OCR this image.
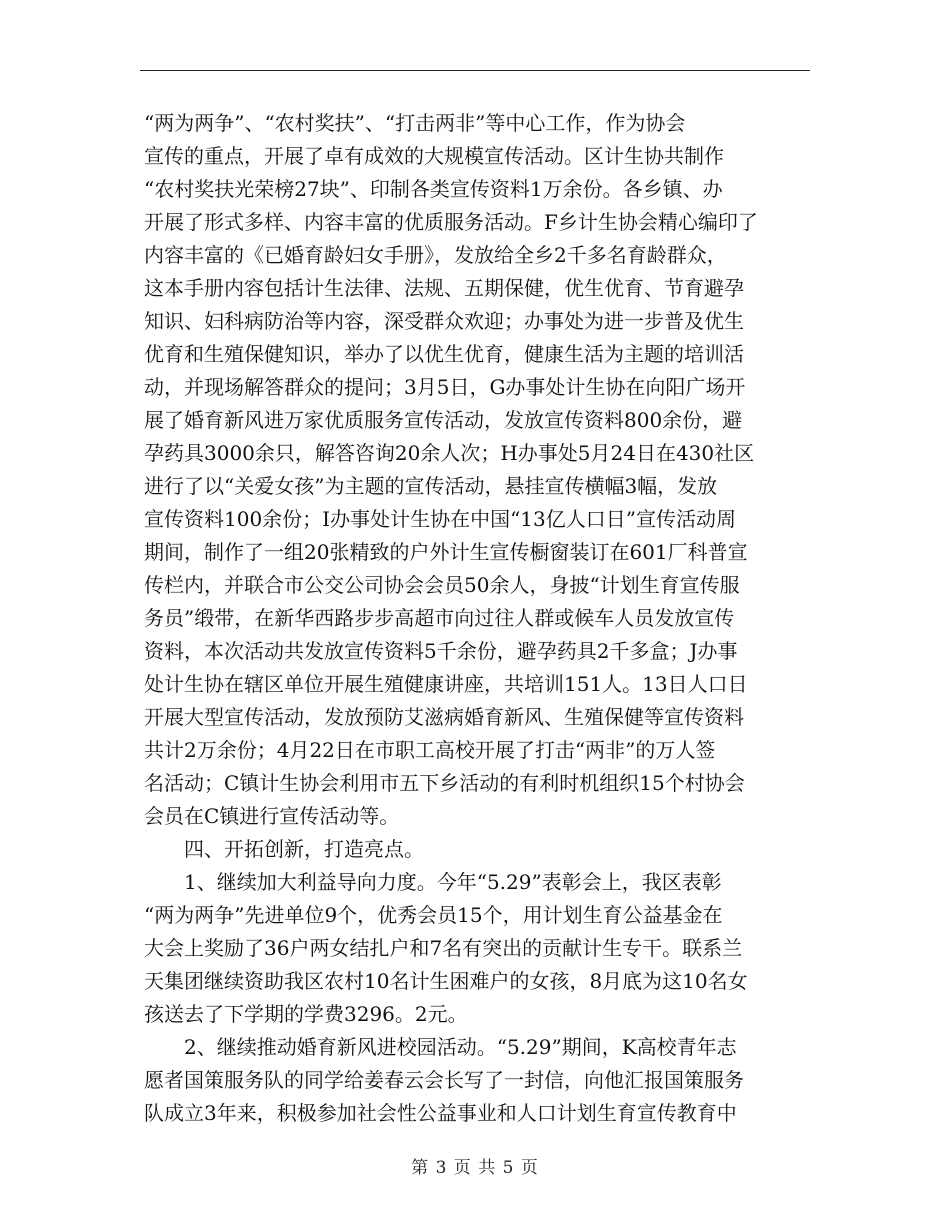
“两为两争”、“农村奖扶”、“打击两非”等中心工作，作为协会
宣传的重点，开展了卓有成效的大规模宣传活动。区计生协共制作
“农村奖扶光荣榜27块”、印制各类宣传资料1万余份。各乡镇、办
开展了形式多样、内容丰富的优质服务活动。F乡计生协会精心编印了
内容丰富的《已婚育龄妇女手册》，发放给全乡2千多名育龄群众，
这本手册内容包括计生法律、法规、五期保健，优生优育、节育避孕
知识、妇科病防治等内容，深受群众欢迎；办事处为进一步普及优生
优育和生殖保健知识，举办了以优生优育，健康生活为主题的培训活
动，并现场解答群众的提问；3月5日，G办事处计生协在向阳广场开
展了婚育新风进万家优质服务宣传活动，发放宣传资料800余份，避
孕药具3000余只，解答咨询20余人次；H办事处5月24日在430社区
进行了以“关爱女孩”为主题的宣传活动，悬挂宣传横幅3幅，发放
宣传资料100余份；I办事处计生协在中国“13亿人口日”宣传活动周
期间，制作了一组20张精致的户外计生宣传橱窗装订在601厂科普宣
传栏内，并联合市公交公司协会会员50余人，身披“计划生育宣传服
务员”缎带，在新华西路步步高超市向过往人群或候车人员发放宣传
资料，本次活动共发放宣传资料5千余份，避孕药具2千多盒；J办事
处计生协在辖区单位开展生殖健康讲座，共培训151人。13日人口日
开展大型宣传活动，发放预防艾滋病婚育新风、生殖保健等宣传资料
共计2万余份；4月22日在市职工高校开展了打击“两非”的万人签
名活动；C镇计生协会利用市五下乡活动的有利时机组织15个村协会
会员在C镇进行宣传活动等。
　　四、开拓创新，打造亮点。
　　1、继续加大利益导向力度。今年“5.29”表彰会上，我区表彰
“两为两争”先进单位9个，优秀会员15个，用计划生育公益基金在
大会上奖励了36户两女结扎户和7名有突出的贡献计生专干。联系兰
天集团继续资助我区农村10名计生困难户的女孩，8月底为这10名女
孩送去了下学期的学费3296。2元。
　　2、继续推动婚育新风进校园活动。“5.29”期间，K高校青年志
愿者国策服务队的同学给姜春云会长写了一封信，向他汇报国策服务
队成立3年来，积极参加社会性公益事业和人口计划生育宣传教育中
第 3 页 共 5 页
